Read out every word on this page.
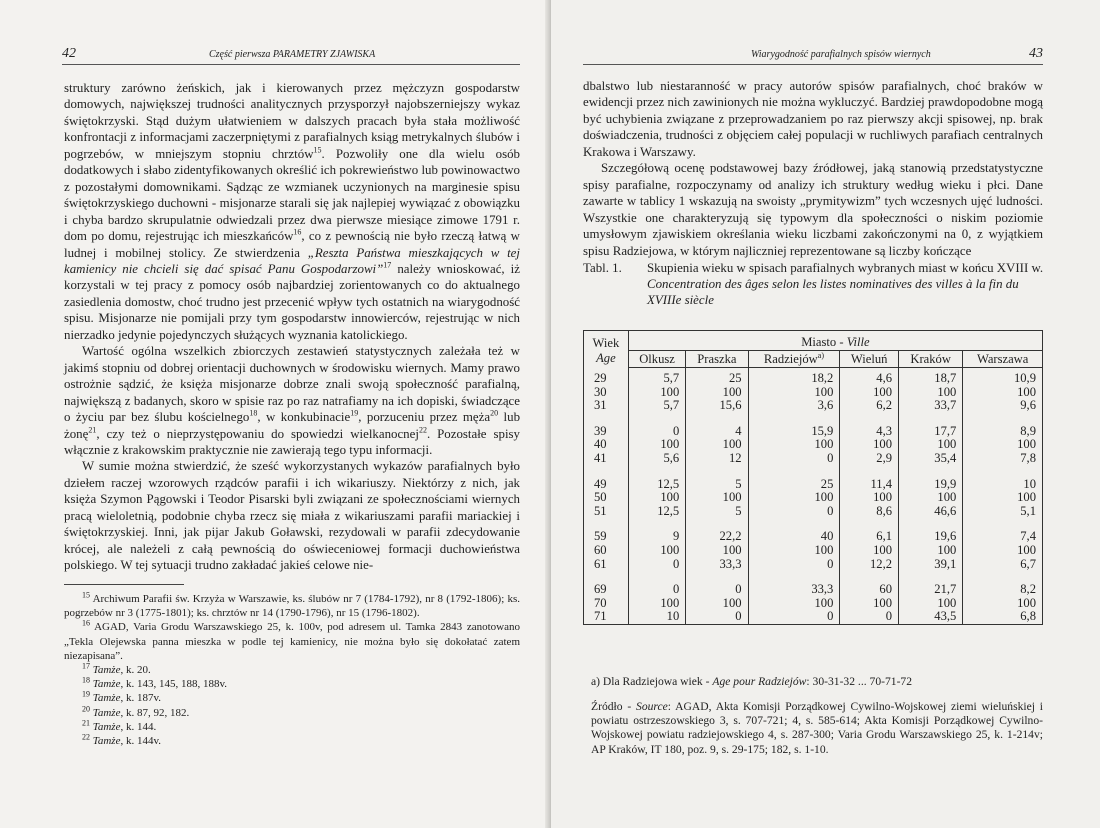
42	Część pierwsza PARAMETRY ZJAWISKA

struktury zarówno żeńskich, jak i kierowanych przez mężczyzn gospodarstw domowych, największej trudności analitycznych przysporzył najobszerniejszy wykaz świętokrzyski. Stąd dużym ułatwieniem w dalszych pracach była stała możliwość konfrontacji z informacjami zaczerpniętymi z parafialnych ksiąg metrykalnych ślubów i pogrzebów, w mniejszym stopniu chrztów$^{15}$. Pozwoliły one dla wielu osób dodatkowych i słabo zidentyfikowanych określić ich pokrewieństwo lub powinowactwo z pozostałymi domownikami. Sądząc ze wzmianek uczynionych na marginesie spisu świętokrzyskiego duchowni - misjonarze starali się jak najlepiej wywiązać z obowiązku i chyba bardzo skrupulatnie odwiedzali przez dwa pierwsze miesiące zimowe 1791 r. dom po domu, rejestrując ich mieszkańców$^{16}$, co z pewnością nie było rzeczą łatwą w ludnej i mobilnej stolicy. Ze stwierdzenia „Reszta Państwa mieszkających w tej kamienicy nie chcieli się dać spisać Panu Gospodarzowi”$^{17}$ należy wnioskować, iż korzystali w tej pracy z pomocy osób najbardziej zorientowanych co do aktualnego zasiedlenia domostw, choć trudno jest przecenić wpływ tych ostatnich na wiarygodność spisu. Misjonarze nie pomijali przy tym gospodarstw innowierców, rejestrując w nich nierzadko jedynie pojedynczych służących wyznania katolickiego.

Wartość ogólna wszelkich zbiorczych zestawień statystycznych zależała też w jakimś stopniu od dobrej orientacji duchownych w środowisku wiernych. Mamy prawo ostrożnie sądzić, że księża misjonarze dobrze znali swoją społeczność parafialną, największą z badanych, skoro w spisie raz po raz natrafiamy na ich dopiski, świadczące o życiu par bez ślubu kościelnego$^{18}$, w konkubinacie$^{19}$, porzuceniu przez męża$^{20}$ lub żonę$^{21}$, czy też o nieprzystępowaniu do spowiedzi wielkanocnej$^{22}$. Pozostałe spisy włącznie z krakowskim praktycznie nie zawierają tego typu informacji.

W sumie można stwierdzić, że sześć wykorzystanych wykazów parafialnych było dziełem raczej wzorowych rządców parafii i ich wikariuszy. Niektórzy z nich, jak księża Szymon Pągowski i Teodor Pisarski byli związani ze społecznościami wiernych pracą wieloletnią, podobnie chyba rzecz się miała z wikariuszami parafii mariackiej i świętokrzyskiej. Inni, jak pijar Jakub Goławski, rezydowali w parafii zdecydowanie krócej, ale należeli z całą pewnością do oświeceniowej formacji duchowieństwa polskiego. W tej sytuacji trudno zakładać jakieś celowe nie-

$^{15}$ Archiwum Parafii św. Krzyża w Warszawie, ks. ślubów nr 7 (1784-1792), nr 8 (1792-1806); ks. pogrzebów nr 3 (1775-1801); ks. chrztów nr 14 (1790-1796), nr 15 (1796-1802).
$^{16}$ AGAD, Varia Grodu Warszawskiego 25, k. 100v, pod adresem ul. Tamka 2843 zanotowano „Tekla Olejewska panna mieszka w podle tej kamienicy, nie można było się dokołatać zatem niezapisana”.
$^{17}$ Tamże, k. 20.
$^{18}$ Tamże, k. 143, 145, 188, 188v.
$^{19}$ Tamże, k. 187v.
$^{20}$ Tamże, k. 87, 92, 182.
$^{21}$ Tamże, k. 144.
$^{22}$ Tamże, k. 144v.
Wiarygodność parafialnych spisów wiernych	43

dbalstwo lub niestaranność w pracy autorów spisów parafialnych, choć braków w ewidencji przez nich zawinionych nie można wykluczyć. Bardziej prawdopodobne mogą być uchybienia związane z przeprowadzaniem po raz pierwszy akcji spisowej, np. brak doświadczenia, trudności z objęciem całej populacji w ruchliwych parafiach centralnych Krakowa i Warszawy.

Szczegółową ocenę podstawowej bazy źródłowej, jaką stanowią przedstatystyczne spisy parafialne, rozpoczynamy od analizy ich struktury według wieku i płci. Dane zawarte w tablicy 1 wskazują na swoisty „prymitywizm” tych wczesnych ujęć ludności. Wszystkie one charakteryzują się typowym dla społeczności o niskim poziomie umysłowym zjawiskiem określania wieku liczbami zakończonymi na 0, z wyjątkiem spisu Radziejowa, w którym najliczniej reprezentowane są liczby kończące

Tabl. 1.	Skupienia wieku w spisach parafialnych wybranych miast w końcu XVIII w.
Concentration des âges selon les listes nominatives des villes à la fin du XVIIIe siècle
Wiek
Age	Miasto - Ville					
	Olkusz	Praszka	Radziejów$^{a)}$	Wieluń	Kraków	Warszawa
29	5,7	25	18,2	4,6	18,7	10,9
30	100	100	100	100	100	100
31	5,7	15,6	3,6	6,2	33,7	9,6

39	0	4	15,9	4,3	17,7	8,9
40	100	100	100	100	100	100
41	5,6	12	0	2,9	35,4	7,8

49	12,5	5	25	11,4	19,9	10
50	100	100	100	100	100	100
51	12,5	5	0	8,6	46,6	5,1

59	9	22,2	40	6,1	19,6	7,4
60	100	100	100	100	100	100
61	0	33,3	0	12,2	39,1	6,7

69	0	0	33,3	60	21,7	8,2
70	100	100	100	100	100	100
71	10	0	0	0	43,5	6,8
a) Dla Radziejowa wiek - Age pour Radziejów: 30-31-32 ... 70-71-72
Źródło - Source: AGAD, Akta Komisji Porządkowej Cywilno-Wojskowej ziemi wieluńskiej i powiatu ostrzeszowskiego 3, s. 707-721; 4, s. 585-614; Akta Komisji Porządkowej Cywilno-Wojskowej powiatu radziejowskiego 4, s. 287-300; Varia Grodu Warszawskiego 25, k. 1-214v; AP Kraków, IT 180, poz. 9, s. 29-175; 182, s. 1-10.
